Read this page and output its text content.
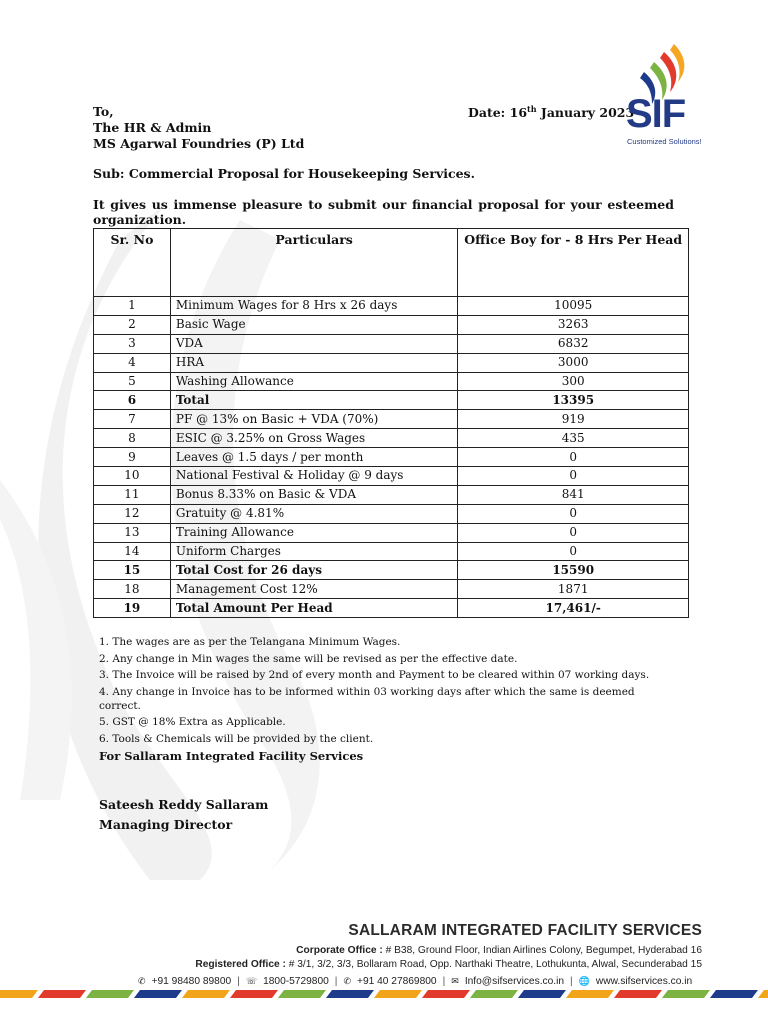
SIF
Customized Solutions!
To,
The HR & Admin
MS Agarwal Foundries (P) Ltd
Date: 16th January 2023
Sub: Commercial Proposal for Housekeeping Services.
It gives us immense pleasure to submit our financial proposal for your esteemed organization.
Sr. No	Particulars	Office Boy for - 8 Hrs Per Head
1	Minimum Wages for 8 Hrs x 26 days	10095
2	Basic Wage	3263
3	VDA	6832
4	HRA	3000
5	Washing Allowance	300
6	Total	13395
7	PF @ 13% on Basic + VDA (70%)	919
8	ESIC @ 3.25% on Gross Wages	435
9	Leaves @ 1.5 days / per month	0
10	National Festival & Holiday @ 9 days	0
11	Bonus 8.33% on Basic & VDA	841
12	Gratuity @ 4.81%	0
13	Training Allowance	0
14	Uniform Charges	0
15	Total Cost for 26 days	15590
18	Management Cost 12%	1871
19	Total Amount Per Head	17,461/-
1. The wages are as per the Telangana Minimum Wages.
2. Any change in Min wages the same will be revised as per the effective date.
3. The Invoice will be raised by 2nd of every month and Payment to be cleared within 07 working days.
4. Any change in Invoice has to be informed within 03 working days after which the same is deemed correct.
5. GST @ 18% Extra as Applicable.
6. Tools & Chemicals will be provided by the client.
For Sallaram Integrated Facility Services
Sateesh Reddy Sallaram
Managing Director
SALLARAM INTEGRATED FACILITY SERVICES
Corporate Office : # B38, Ground Floor, Indian Airlines Colony, Begumpet, Hyderabad 16
Registered Office : # 3/1, 3/2, 3/3, Bollaram Road, Opp. Narthaki Theatre, Lothukunta, Alwal, Secunderabad 15
✆ +91 98480 89800 | ☏ 1800-5729800 | ✆ +91 40 27869800 | ✉ Info@sifservices.co.in | 🌐 www.sifservices.co.in
